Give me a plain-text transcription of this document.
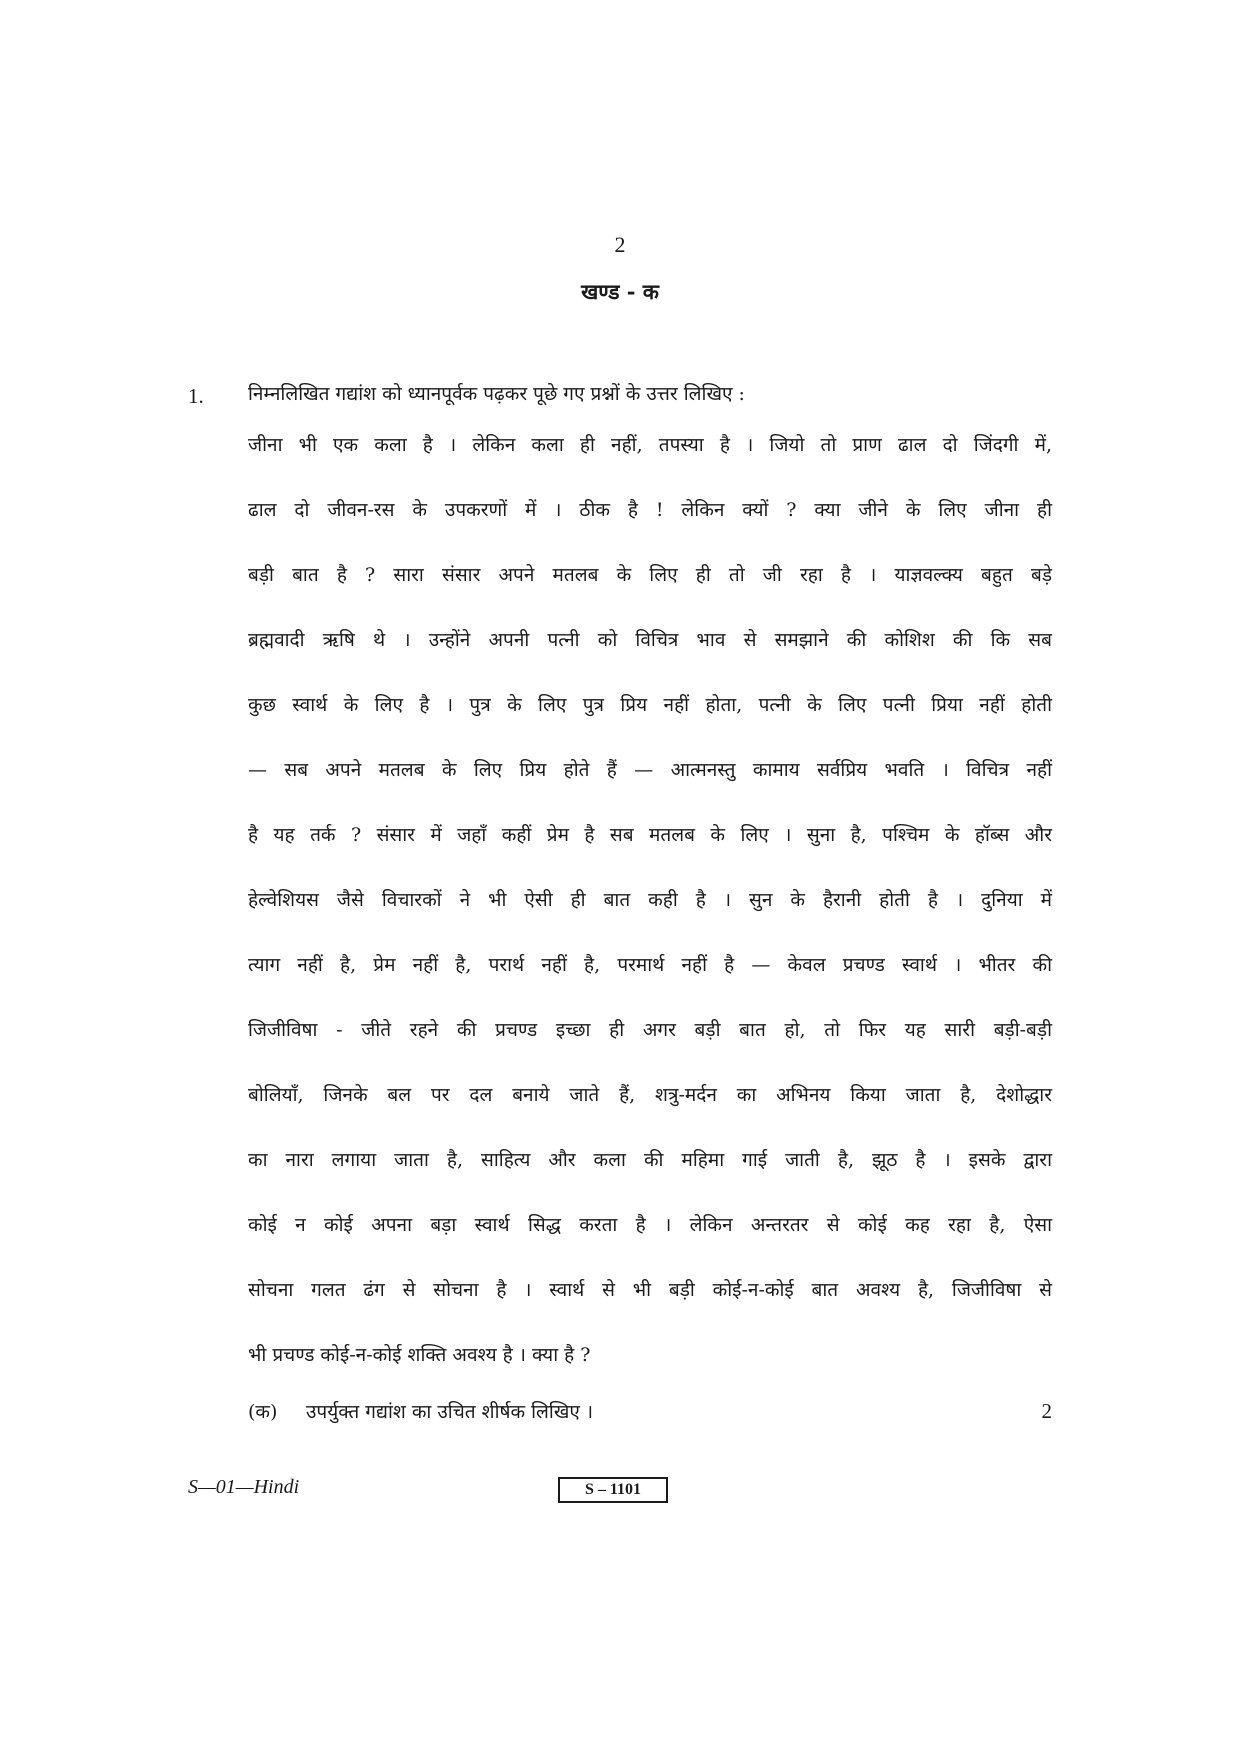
2
खण्ड - क
1. निम्नलिखित गद्यांश को ध्यानपूर्वक पढ़कर पूछे गए प्रश्नों के उत्तर लिखिए :
जीना भी एक कला है । लेकिन कला ही नहीं, तपस्या है । जियो तो प्राण ढाल दो जिंदगी में,
ढाल दो जीवन-रस के उपकरणों में । ठीक है ! लेकिन क्यों ? क्या जीने के लिए जीना ही
बड़ी बात है ? सारा संसार अपने मतलब के लिए ही तो जी रहा है । याज्ञवल्क्य बहुत बड़े
ब्रह्मवादी ऋषि थे । उन्होंने अपनी पत्नी को विचित्र भाव से समझाने की कोशिश की कि सब
कुछ स्वार्थ के लिए है । पुत्र के लिए पुत्र प्रिय नहीं होता, पत्नी के लिए पत्नी प्रिया नहीं होती
— सब अपने मतलब के लिए प्रिय होते हैं — आत्मनस्तु कामाय सर्वप्रिय भवति । विचित्र नहीं
है यह तर्क ? संसार में जहाँ कहीं प्रेम है सब मतलब के लिए । सुना है, पश्चिम के हॉब्स और
हेल्वेशियस जैसे विचारकों ने भी ऐसी ही बात कही है । सुन के हैरानी होती है । दुनिया में
त्याग नहीं है, प्रेम नहीं है, परार्थ नहीं है, परमार्थ नहीं है — केवल प्रचण्ड स्वार्थ । भीतर की
जिजीविषा - जीते रहने की प्रचण्ड इच्छा ही अगर बड़ी बात हो, तो फिर यह सारी बड़ी-बड़ी
बोलियाँ, जिनके बल पर दल बनाये जाते हैं, शत्रु-मर्दन का अभिनय किया जाता है, देशोद्धार
का नारा लगाया जाता है, साहित्य और कला की महिमा गाई जाती है, झूठ है । इसके द्वारा
कोई न कोई अपना बड़ा स्वार्थ सिद्ध करता है । लेकिन अन्तरतर से कोई कह रहा है, ऐसा
सोचना गलत ढंग से सोचना है । स्वार्थ से भी बड़ी कोई-न-कोई बात अवश्य है, जिजीविषा से
भी प्रचण्ड कोई-न-कोई शक्ति अवश्य है । क्या है ?
(क)	उपर्युक्त गद्यांश का उचित शीर्षक लिखिए ।	2
S—01—Hindi	S – 1101
